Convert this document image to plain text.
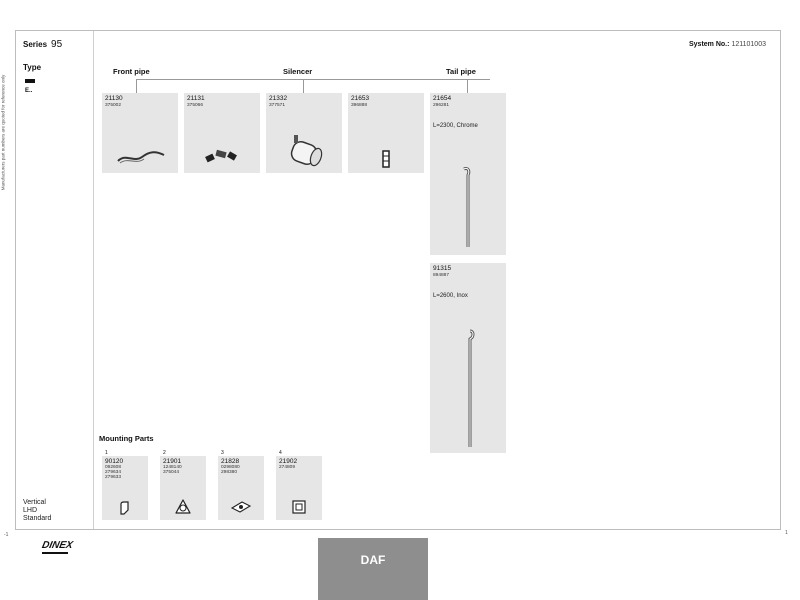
Series 95	System No.: 121101003
Type
E..
Vertical
LHD
Standard
Front pipe	Silencer	Tail pipe
21130
375002
21131
375066
21332
377571
21653
396888
21654
296281
L=2300, Chrome
91315
894887
L=2600, Inox
Mounting Parts
1
90120
092608
279634
279633
2
21901
1248140
375044
3
21828
0298080
298380
4
21902
274809
Manufacturers part numbers are quoted for reference only
-1	1
DINEX
DAF
